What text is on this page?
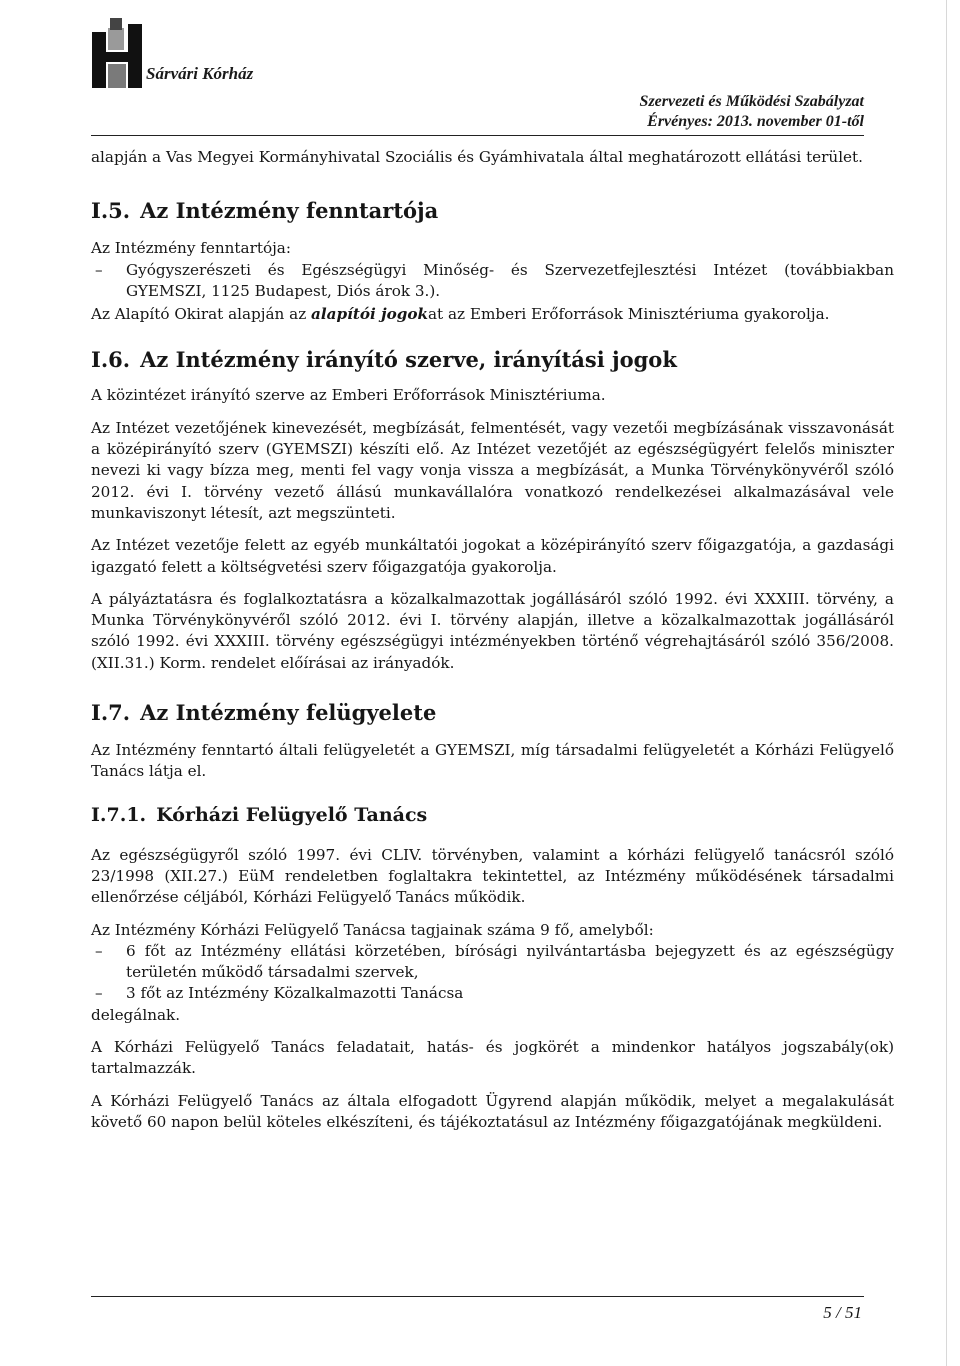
Sárvári Kórház
Szervezeti és Működési Szabályzat
Érvényes: 2013. november 01-től

alapján a Vas Megyei Kormányhivatal Szociális és Gyámhivatala által meghatározott ellátási terület.

I.5. Az Intézmény fenntartója

Az Intézmény fenntartója:

– Gyógyszerészeti és Egészségügyi Minőség- és Szervezetfejlesztési Intézet (továbbiakban GYEMSZI, 1125 Budapest, Diós árok 3.).

Az Alapító Okirat alapján az alapítói jogokat az Emberi Erőforrások Minisztériuma gyakorolja.

I.6. Az Intézmény irányító szerve, irányítási jogok

A közintézet irányító szerve az Emberi Erőforrások Minisztériuma.

Az Intézet vezetőjének kinevezését, megbízását, felmentését, vagy vezetői megbízásának visszavonását a középirányító szerv (GYEMSZI) készíti elő. Az Intézet vezetőjét az egészségügyért felelős miniszter nevezi ki vagy bízza meg, menti fel vagy vonja vissza a megbízását, a Munka Törvénykönyvéről szóló 2012. évi I. törvény vezető állású munkavállalóra vonatkozó rendelkezései alkalmazásával vele munkaviszonyt létesít, azt megszünteti.

Az Intézet vezetője felett az egyéb munkáltatói jogokat a középirányító szerv főigazgatója, a gazdasági igazgató felett a költségvetési szerv főigazgatója gyakorolja.

A pályáztatásra és foglalkoztatásra a közalkalmazottak jogállásáról szóló 1992. évi XXXIII. törvény, a Munka Törvénykönyvéről szóló 2012. évi I. törvény alapján, illetve a közalkalmazottak jogállásáról szóló 1992. évi XXXIII. törvény egészségügyi intézményekben történő végrehajtásáról szóló 356/2008. (XII.31.) Korm. rendelet előírásai az irányadók.

I.7. Az Intézmény felügyelete

Az Intézmény fenntartó általi felügyeletét a GYEMSZI, míg társadalmi felügyeletét a Kórházi Felügyelő Tanács látja el.

I.7.1. Kórházi Felügyelő Tanács

Az egészségügyről szóló 1997. évi CLIV. törvényben, valamint a kórházi felügyelő tanácsról szóló 23/1998 (XII.27.) EüM rendeletben foglaltakra tekintettel, az Intézmény működésének társadalmi ellenőrzése céljából, Kórházi Felügyelő Tanács működik.

Az Intézmény Kórházi Felügyelő Tanácsa tagjainak száma 9 fő, amelyből:

– 6 főt az Intézmény ellátási körzetében, bírósági nyilvántartásba bejegyzett és az egészségügy területén működő társadalmi szervek,

– 3 főt az Intézmény Közalkalmazotti Tanácsa

delegálnak.

A Kórházi Felügyelő Tanács feladatait, hatás- és jogkörét a mindenkor hatályos jogszabály(ok) tartalmazzák.

A Kórházi Felügyelő Tanács az általa elfogadott Ügyrend alapján működik, melyet a megalakulását követő 60 napon belül köteles elkészíteni, és tájékoztatásul az Intézmény főigazgatójának megküldeni.

5 / 51
